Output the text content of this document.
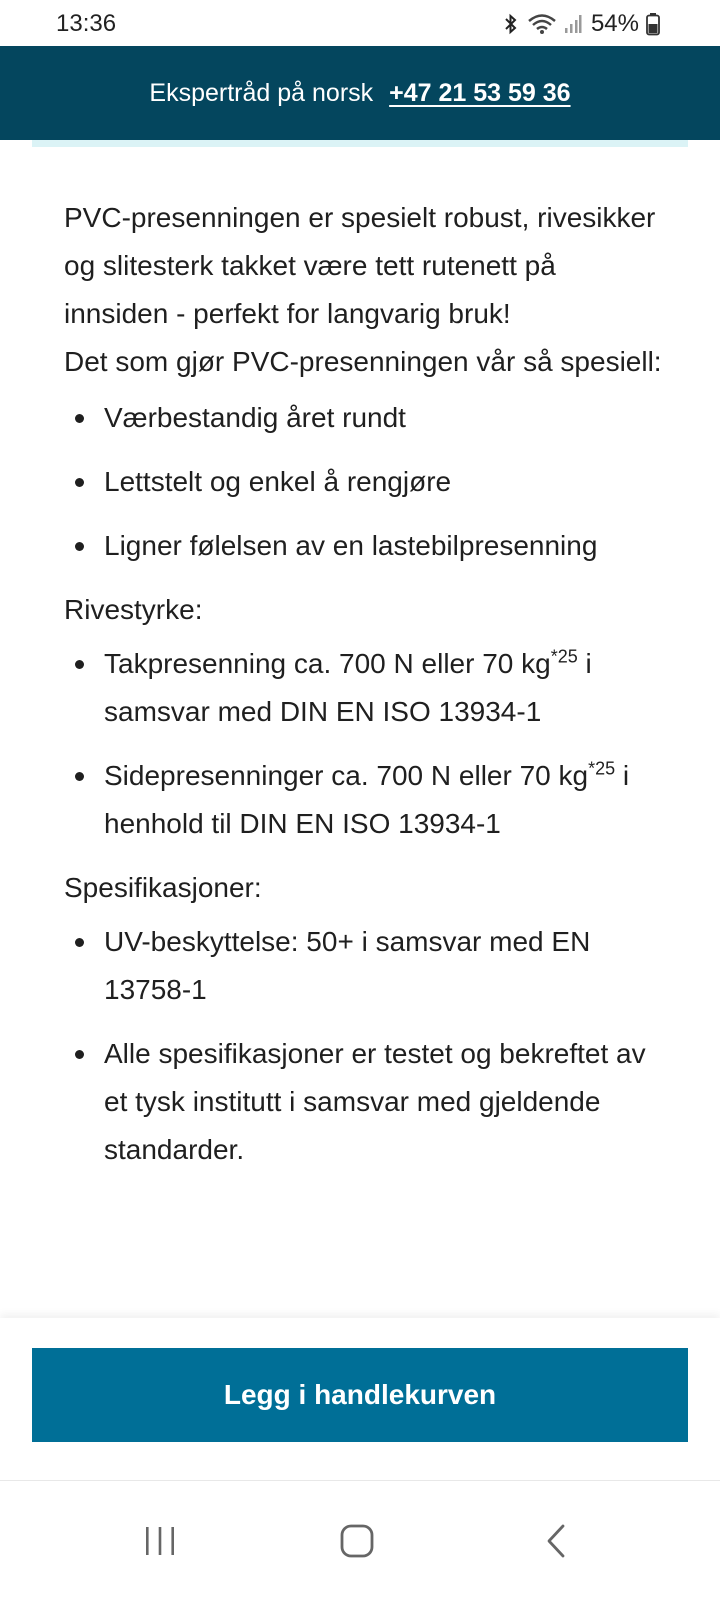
13:36	54%
Ekspertråd på norsk +47 21 53 59 36

PVC-presenningen er spesielt robust, rivesikker og slitesterk takket være tett rutenett på innsiden - perfekt for langvarig bruk!

Det som gjør PVC-presenningen vår så spesiell:

Værbestandig året rundt
Lettstelt og enkel å rengjøre
Ligner følelsen av en lastebilpresenning

Rivestyrke:

Takpresenning ca. 700 N eller 70 $kg^{*25}$ i samsvar med DIN EN ISO 13934-1
Sidepresenninger ca. 700 N eller 70 $kg^{*25}$ i henhold til DIN EN ISO 13934-1

Spesifikasjoner:

UV-beskyttelse: 50+ i samsvar med EN 13758-1
Alle spesifikasjoner er testet og bekreftet av et tysk institutt i samsvar med gjeldende standarder.
Legg i handlekurven
